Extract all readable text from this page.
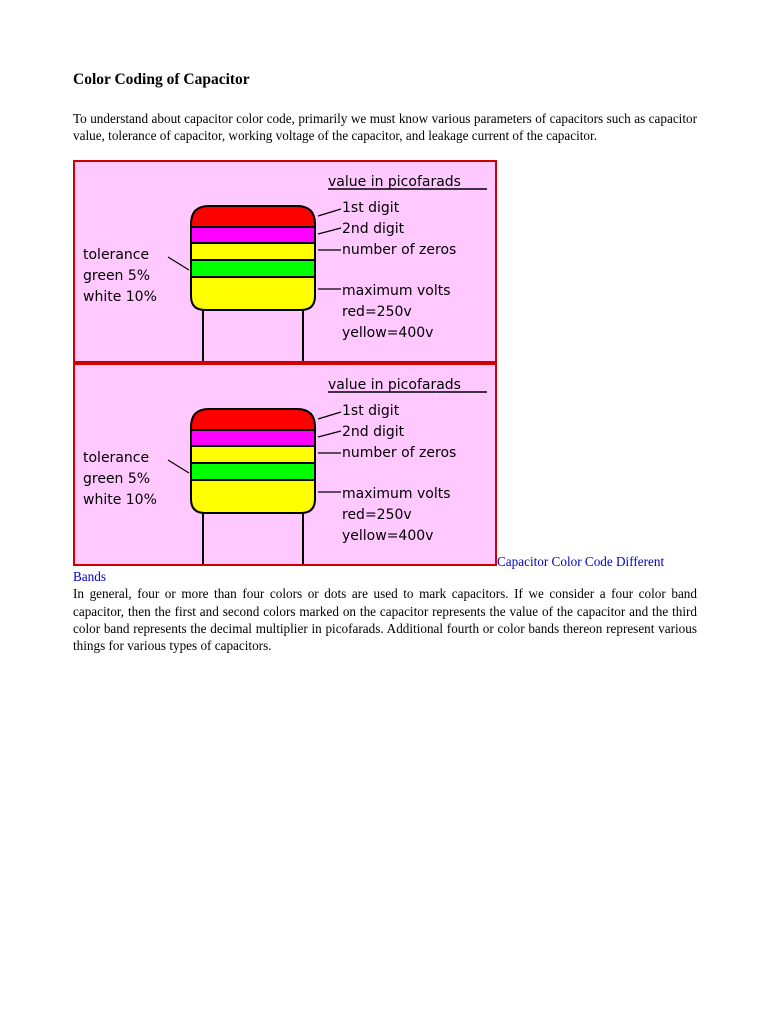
Color Coding of Capacitor

To understand about capacitor color code, primarily we must know various parameters of capacitors such as capacitor value, tolerance of capacitor, working voltage of the capacitor, and leakage current of the capacitor.

value in picofarads
1st digit
2nd digit
number of zeros
maximum volts
red=250v
yellow=400v
tolerance
green 5%
white 10%
value in picofarads
1st digit
2nd digit
number of zeros
maximum volts
red=250v
yellow=400v
tolerance
green 5%
white 10%
Capacitor Color Code Different
Bands

In general, four or more than four colors or dots are used to mark capacitors. If we consider a four color band capacitor, then the first and second colors marked on the capacitor represents the value of the capacitor and the third color band represents the decimal multiplier in picofarads. Additional fourth or color bands thereon represent various things for various types of capacitors.
